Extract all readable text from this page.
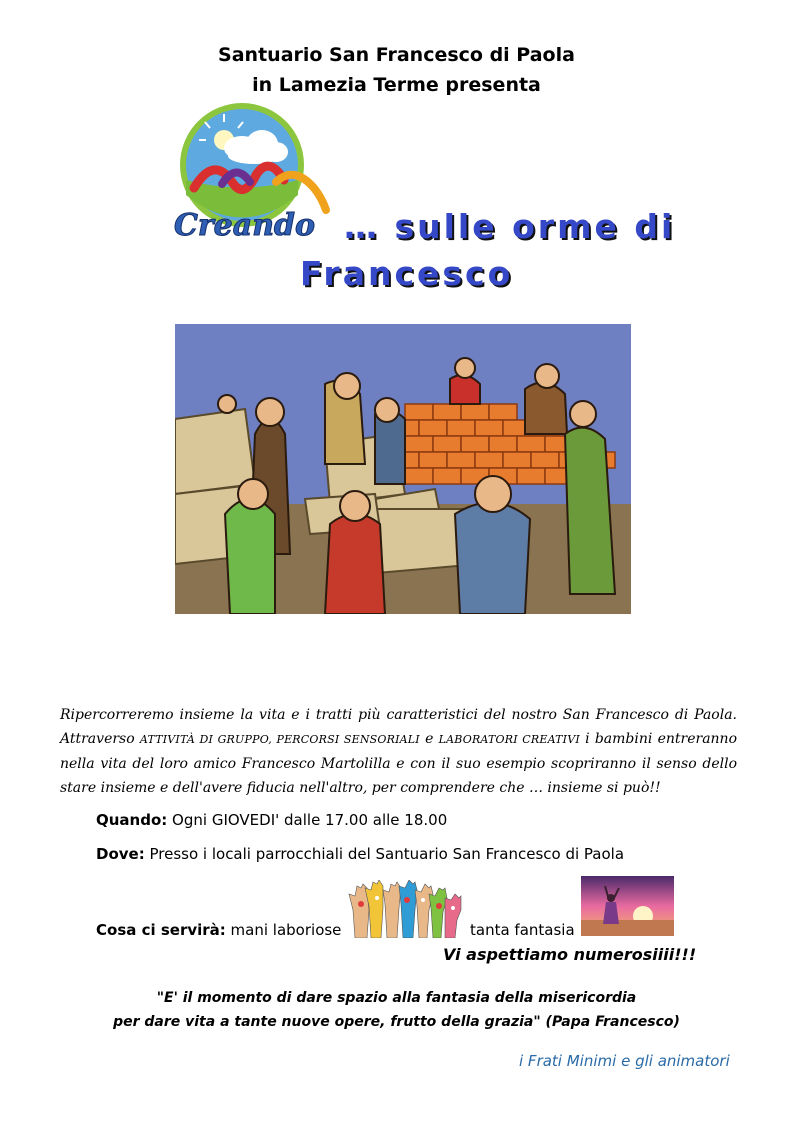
Santuario San Francesco di Paola
in Lamezia Terme presenta
Creando … sulle orme di
Francesco
Ripercorreremo insieme la vita e i tratti più caratteristici del nostro San Francesco di Paola. Attraverso ATTIVITÀ DI GRUPPO, PERCORSI SENSORIALI e LABORATORI CREATIVI i bambini entreranno nella vita del loro amico Francesco Martolilla e con il suo esempio scopriranno il senso dello stare insieme e dell'avere fiducia nell'altro, per comprendere che … insieme si può!!
Quando: Ogni GIOVEDI' dalle 17.00 alle 18.00
Dove: Presso i locali parrocchiali del Santuario San Francesco di Paola
Cosa ci servirà: mani laboriose	tanta fantasia
Vi aspettiamo numerosiiii!!!
"E' il momento di dare spazio alla fantasia della misericordia
per dare vita a tante nuove opere, frutto della grazia" (Papa Francesco)
i Frati Minimi e gli animatori
